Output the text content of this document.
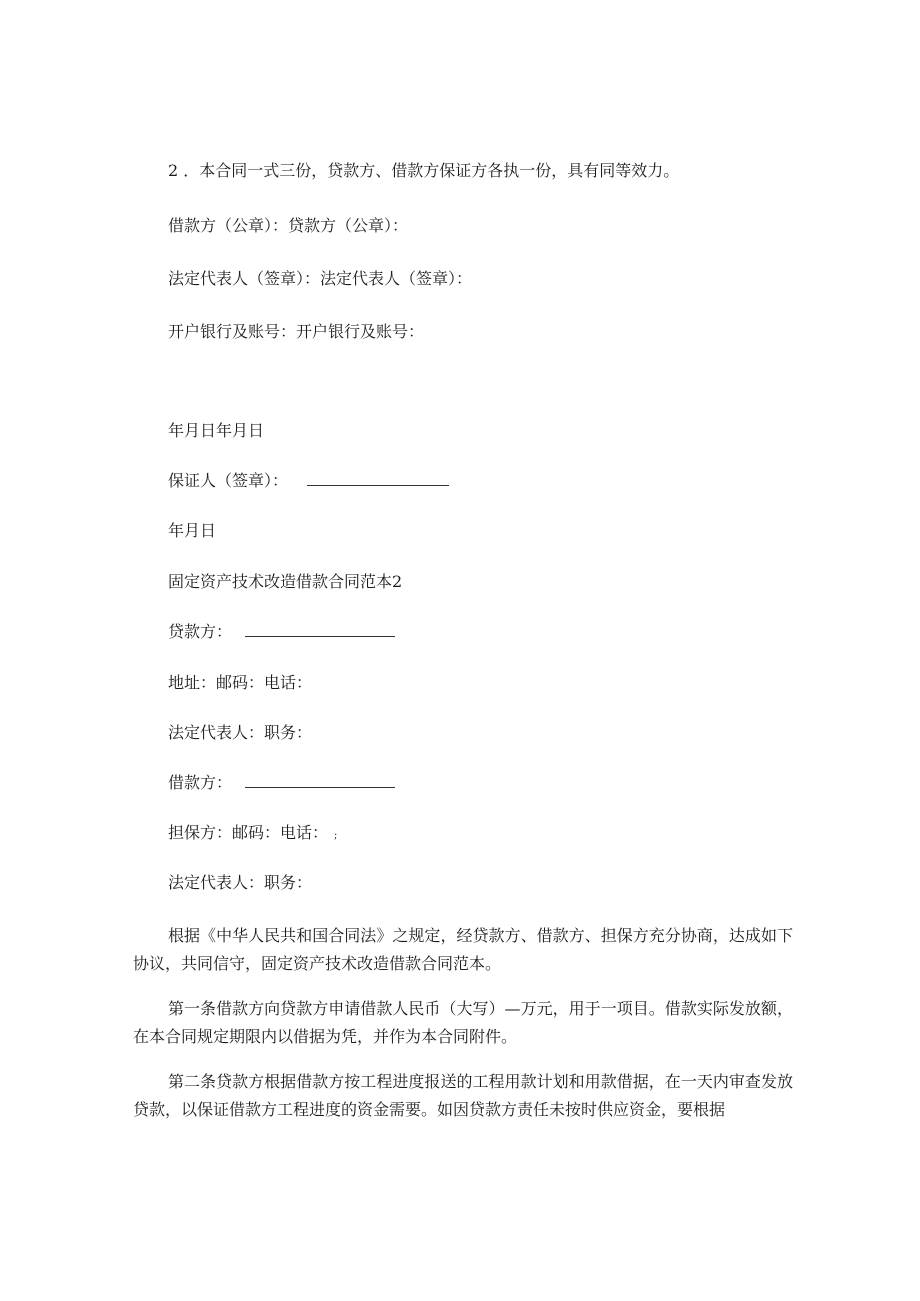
2 ．本合同一式三份，贷款方、借款方保证方各执一份，具有同等效力。
借款方（公章）：贷款方（公章）：
法定代表人（签章）：法定代表人（签章）：
开户银行及账号：开户银行及账号：
年月日年月日
保证人（签章）：
年月日
固定资产技术改造借款合同范本2
贷款方：
地址：邮码：电话：
法定代表人：职务：
借款方：
担保方：邮码：电话： ;
法定代表人：职务：
根据《中华人民共和国合同法》之规定，经贷款方、借款方、担保方充分协商，达成如下协议，共同信守，固定资产技术改造借款合同范本。
第一条借款方向贷款方申请借款人民币（大写）—万元，用于一项目。借款实际发放额，在本合同规定期限内以借据为凭，并作为本合同附件。
第二条贷款方根据借款方按工程进度报送的工程用款计划和用款借据，在一天内审查发放贷款，以保证借款方工程进度的资金需要。如因贷款方责任未按时供应资金，要根据
